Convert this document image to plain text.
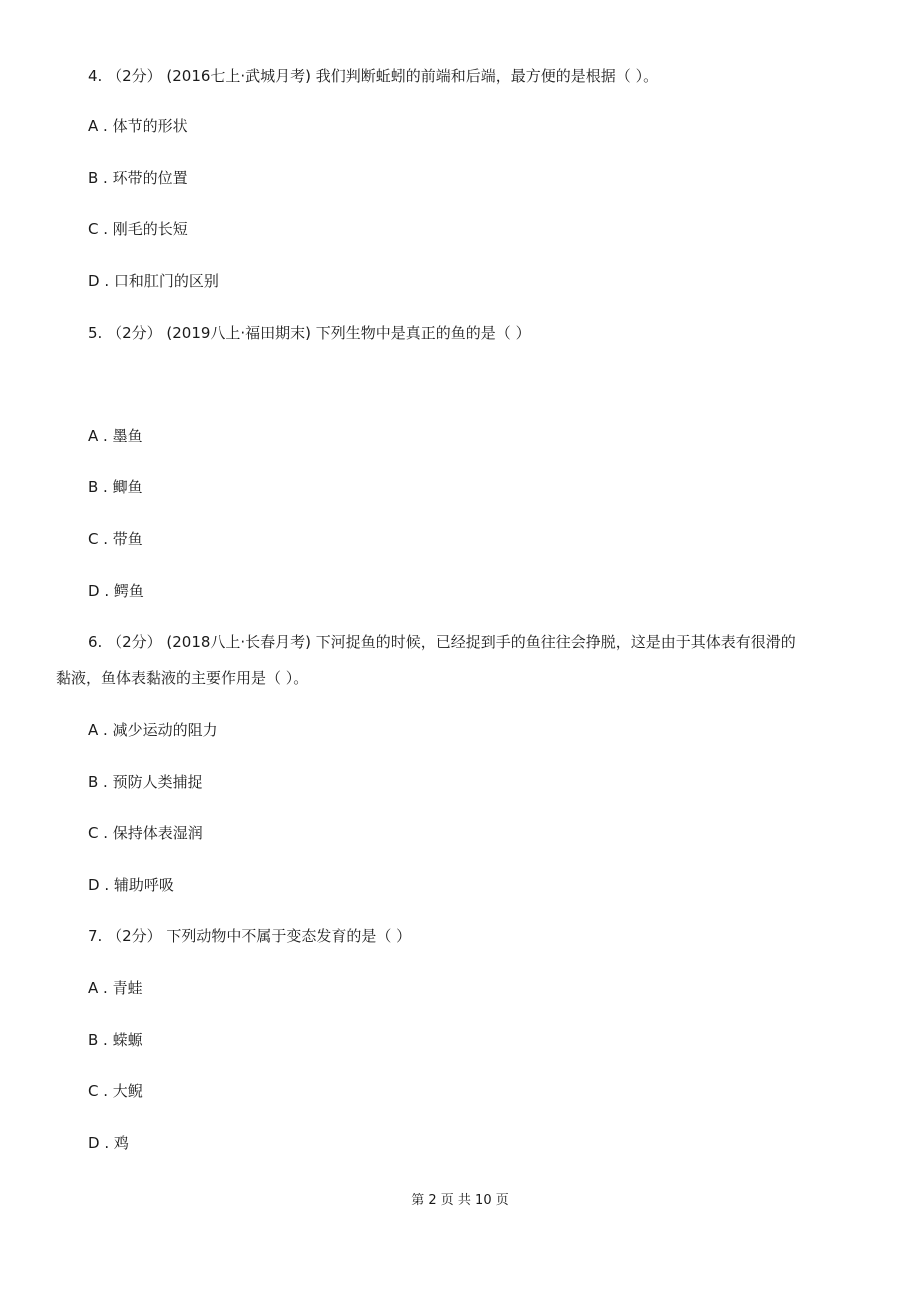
4. （2分） (2016七上·武城月考) 我们判断蚯蚓的前端和后端，最方便的是根据（ ）。
A . 体节的形状
B . 环带的位置
C . 刚毛的长短
D . 口和肛门的区别
5. （2分） (2019八上·福田期末) 下列生物中是真正的鱼的是（ ）
A . 墨鱼
B . 鲫鱼
C . 带鱼
D . 鳄鱼
6. （2分） (2018八上·长春月考) 下河捉鱼的时候，已经捉到手的鱼往往会挣脱，这是由于其体表有很滑的
黏液，鱼体表黏液的主要作用是（ ）。
A . 减少运动的阻力
B . 预防人类捕捉
C . 保持体表湿润
D . 辅助呼吸
7. （2分） 下列动物中不属于变态发育的是（ ）
A . 青蛙
B . 蝾螈
C . 大鲵
D . 鸡
第 2 页 共 10 页
